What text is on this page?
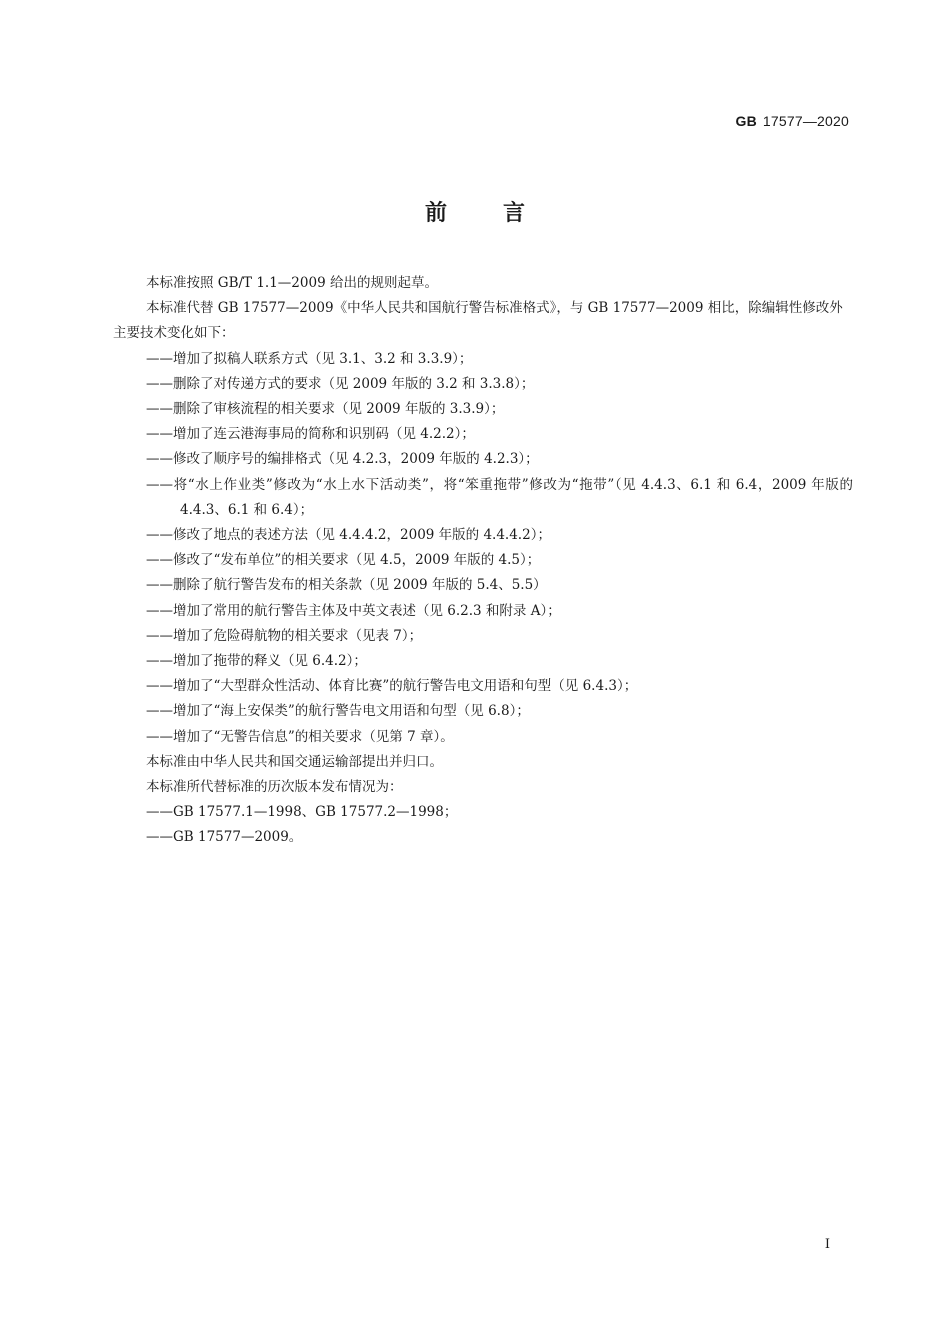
GB 17577—2020
前言

本标准按照 GB/T 1.1—2009 给出的规则起草。

本标准代替 GB 17577—2009《中华人民共和国航行警告标准格式》，与 GB 17577—2009 相比，除编辑性修改外主要技术变化如下：

——增加了拟稿人联系方式（见 3.1、3.2 和 3.3.9）；

——删除了对传递方式的要求（见 2009 年版的 3.2 和 3.3.8）；

——删除了审核流程的相关要求（见 2009 年版的 3.3.9）；

——增加了连云港海事局的简称和识别码（见 4.2.2）；

——修改了顺序号的编排格式（见 4.2.3，2009 年版的 4.2.3）；

——将“水上作业类”修改为“水上水下活动类”，将“笨重拖带”修改为“拖带”（见 4.4.3、6.1 和 6.4，2009 年版的 4.4.3、6.1 和 6.4）；

——修改了地点的表述方法（见 4.4.4.2，2009 年版的 4.4.4.2）；

——修改了“发布单位”的相关要求（见 4.5，2009 年版的 4.5）；

——删除了航行警告发布的相关条款（见 2009 年版的 5.4、5.5）

——增加了常用的航行警告主体及中英文表述（见 6.2.3 和附录 A）；

——增加了危险碍航物的相关要求（见表 7）；

——增加了拖带的释义（见 6.4.2）；

——增加了“大型群众性活动、体育比赛”的航行警告电文用语和句型（见 6.4.3）；

——增加了“海上安保类”的航行警告电文用语和句型（见 6.8）；

——增加了“无警告信息”的相关要求（见第 7 章）。

本标准由中华人民共和国交通运输部提出并归口。

本标准所代替标准的历次版本发布情况为：

——GB 17577.1—1998、GB 17577.2—1998；

——GB 17577—2009。

I
